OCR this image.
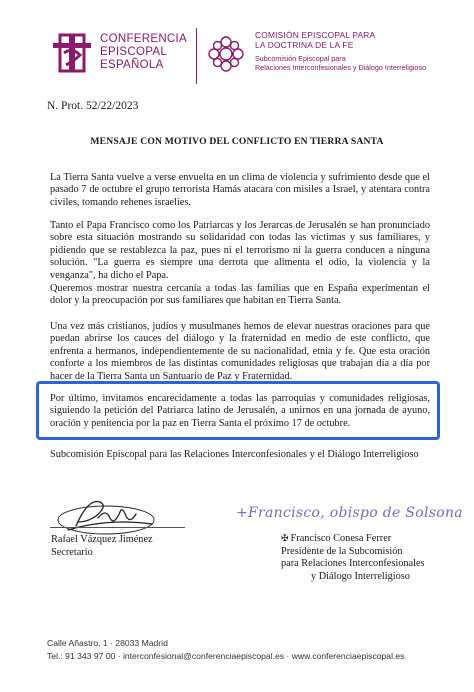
CONFERENCIA
EPISCOPAL
ESPAÑOLA
COMISIÓN EPISCOPAL PARA
LA DOCTRINA DE LA FE
Subcomisión Episcopal para
Relaciones Interconfesionales y Diálogo Interreligioso
N. Prot. 52/22/2023
MENSAJE CON MOTIVO DEL CONFLICTO EN TIERRA SANTA

La Tierra Santa vuelve a verse envuelta en un clima de violencia y sufrimiento desde que el pasado 7 de octubre el grupo terrorista Hamás atacara con misiles a Israel, y atentara contra civiles, tomando rehenes israelíes.

Tanto el Papa Francisco como los Patriarcas y los Jerarcas de Jerusalén se han pronunciado sobre esta situación mostrando su solidaridad con todas las víctimas y sus familiares, y pidiendo que se restablezca la paz, pues ni el terrorismo ni la guerra conducen a ninguna solución. "La guerra es siempre una derrota que alimenta el odio, la violencia y la venganza", ha dicho el Papa.

Queremos mostrar nuestra cercanía a todas las familias que en España experimentan el dolor y la preocupación por sus familiares que habitan en Tierra Santa.

Una vez más cristianos, judíos y musulmanes hemos de elevar nuestras oraciones para que puedan abrirse los cauces del diálogo y la fraternidad en medio de este conflicto, que enfrenta a hermanos, independientemente de su nacionalidad, etnia y fe. Que esta oración conforte a los miembros de las distintas comunidades religiosas que trabajan día a día por hacer de la Tierra Santa un Santuario de Paz y Fraternidad.

Por último, invitamos encarecidamente a todas las parroquias y comunidades religiosas, siguiendo la petición del Patriarca latino de Jerusalén, a unirnos en una jornada de ayuno, oración y penitencia por la paz en Tierra Santa el próximo 17 de octubre.

Subcomisión Episcopal para las Relaciones Interconfesionales y el Diálogo Interreligioso
+Francisco, obispo de Solsona
Rafael Vázquez Jiménez
Secretario
✠ Francisco Conesa Ferrer
Presidente de la Subcomisión
para Relaciones Interconfesionales
y Diálogo Interreligioso
Calle Añastro, 1 · 28033 Madrid
Tel.: 91 343 97 00 · interconfesional@conferenciaepiscopal.es · www.conferenciaepiscopal.es
